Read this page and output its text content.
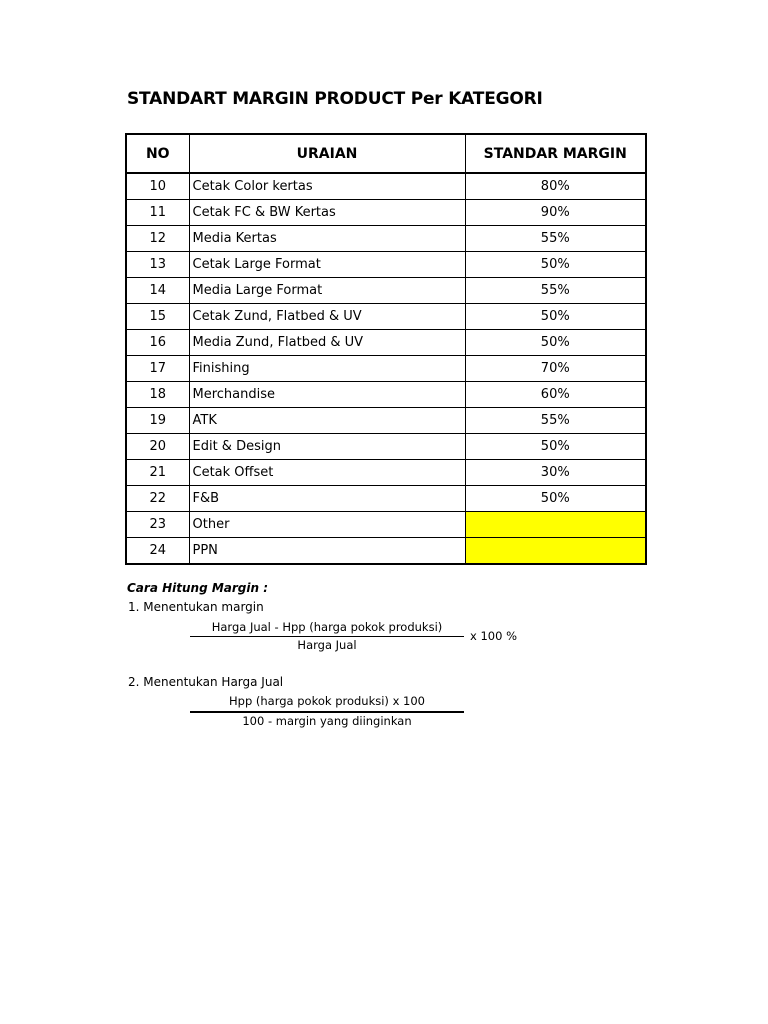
STANDART MARGIN PRODUCT Per KATEGORI
NO	URAIAN	STANDAR MARGIN
10	Cetak Color kertas	80%
11	Cetak FC & BW Kertas	90%
12	Media Kertas	55%
13	Cetak Large Format	50%
14	Media Large Format	55%
15	Cetak Zund, Flatbed & UV	50%
16	Media Zund, Flatbed & UV	50%
17	Finishing	70%
18	Merchandise	60%
19	ATK	55%
20	Edit & Design	50%
21	Cetak Offset	30%
22	F&B	50%
23	Other	
24	PPN	
Cara Hitung Margin :
1. Menentukan margin
Harga Jual - Hpp (harga pokok produksi)
Harga Jual
x 100 %
2. Menentukan Harga Jual
Hpp (harga pokok produksi) x 100
100 - margin yang diinginkan
